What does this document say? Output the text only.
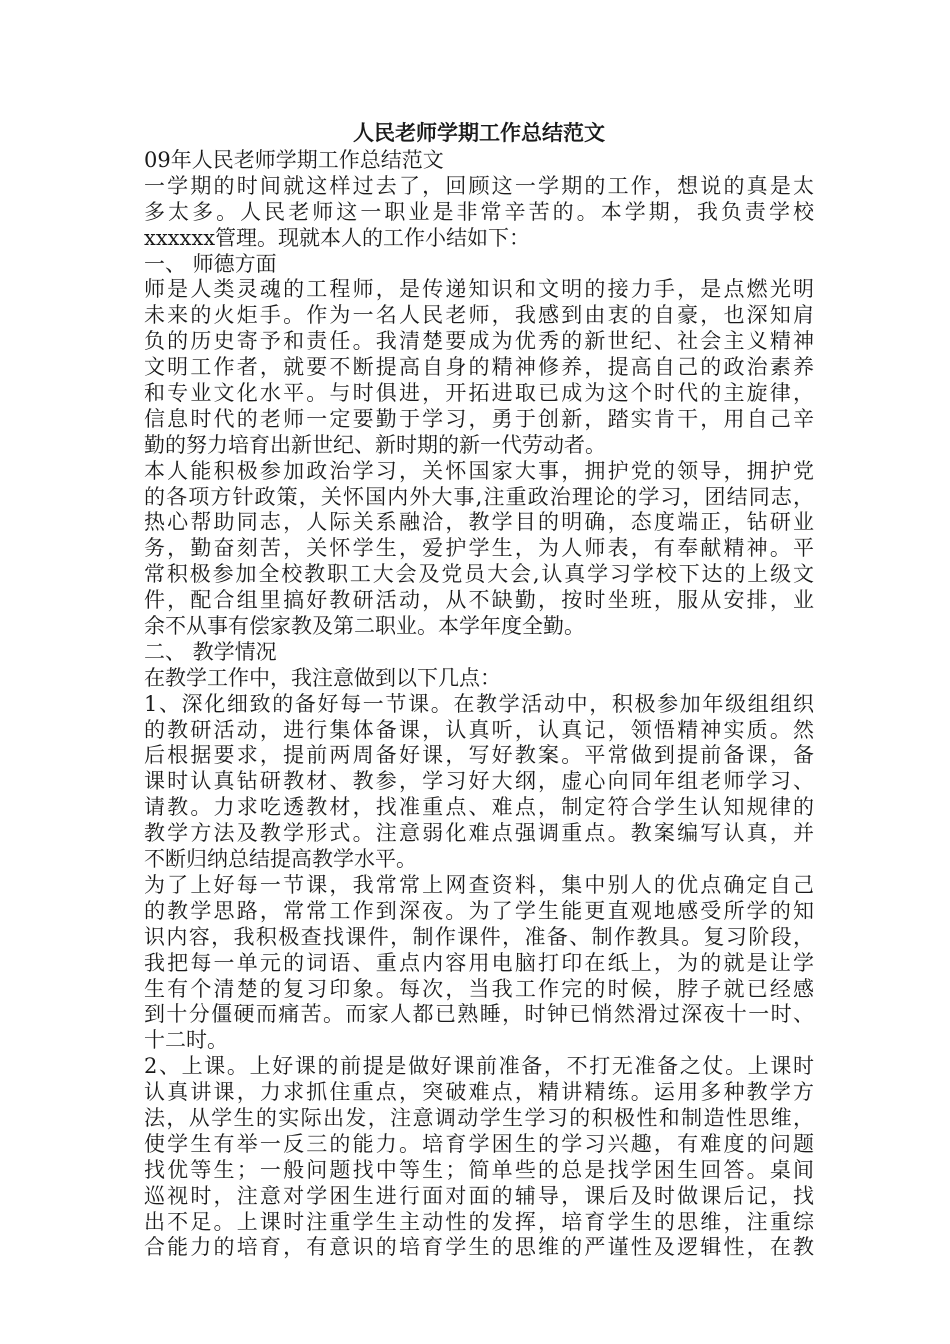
人民老师学期工作总结范文

09年人民老师学期工作总结范文

一学期的时间就这样过去了，回顾这一学期的工作，想说的真是太

多太多。人民老师这一职业是非常辛苦的。本学期，我负责学校

xxxxxx管理。现就本人的工作小结如下：

一、 师德方面

师是人类灵魂的工程师，是传递知识和文明的接力手，是点燃光明

未来的火炬手。作为一名人民老师，我感到由衷的自豪，也深知肩

负的历史寄予和责任。我清楚要成为优秀的新世纪、社会主义精神

文明工作者，就要不断提高自身的精神修养，提高自己的政治素养

和专业文化水平。与时俱进，开拓进取已成为这个时代的主旋律，

信息时代的老师一定要勤于学习，勇于创新，踏实肯干，用自己辛

勤的努力培育出新世纪、新时期的新一代劳动者。

本人能积极参加政治学习，关怀国家大事，拥护党的领导，拥护党

的各项方针政策，关怀国内外大事,注重政治理论的学习，团结同志，

热心帮助同志，人际关系融洽，教学目的明确，态度端正，钻研业

务，勤奋刻苦，关怀学生，爱护学生，为人师表，有奉献精神。平

常积极参加全校教职工大会及党员大会,认真学习学校下达的上级文

件，配合组里搞好教研活动，从不缺勤，按时坐班，服从安排，业

余不从事有偿家教及第二职业。本学年度全勤。

二、 教学情况

在教学工作中，我注意做到以下几点：

1、深化细致的备好每一节课。在教学活动中，积极参加年级组组织

的教研活动，进行集体备课，认真听，认真记，领悟精神实质。然

后根据要求，提前两周备好课，写好教案。平常做到提前备课，备

课时认真钻研教材、教参，学习好大纲，虚心向同年组老师学习、

请教。力求吃透教材，找准重点、难点，制定符合学生认知规律的

教学方法及教学形式。注意弱化难点强调重点。教案编写认真，并

不断归纳总结提高教学水平。

为了上好每一节课，我常常上网查资料，集中别人的优点确定自己

的教学思路，常常工作到深夜。为了学生能更直观地感受所学的知

识内容，我积极查找课件，制作课件，准备、制作教具。复习阶段，

我把每一单元的词语、重点内容用电脑打印在纸上，为的就是让学

生有个清楚的复习印象。每次，当我工作完的时候，脖子就已经感

到十分僵硬而痛苦。而家人都已熟睡，时钟已悄然滑过深夜十一时、

十二时。

2、上课。上好课的前提是做好课前准备，不打无准备之仗。上课时

认真讲课，力求抓住重点，突破难点，精讲精练。运用多种教学方

法，从学生的实际出发，注意调动学生学习的积极性和制造性思维，

使学生有举一反三的能力。培育学困生的学习兴趣，有难度的问题

找优等生；一般问题找中等生；简单些的总是找学困生回答。桌间

巡视时，注意对学困生进行面对面的辅导，课后及时做课后记，找

出不足。上课时注重学生主动性的发挥，培育学生的思维，注重综

合能力的培育，有意识的培育学生的思维的严谨性及逻辑性，在教
